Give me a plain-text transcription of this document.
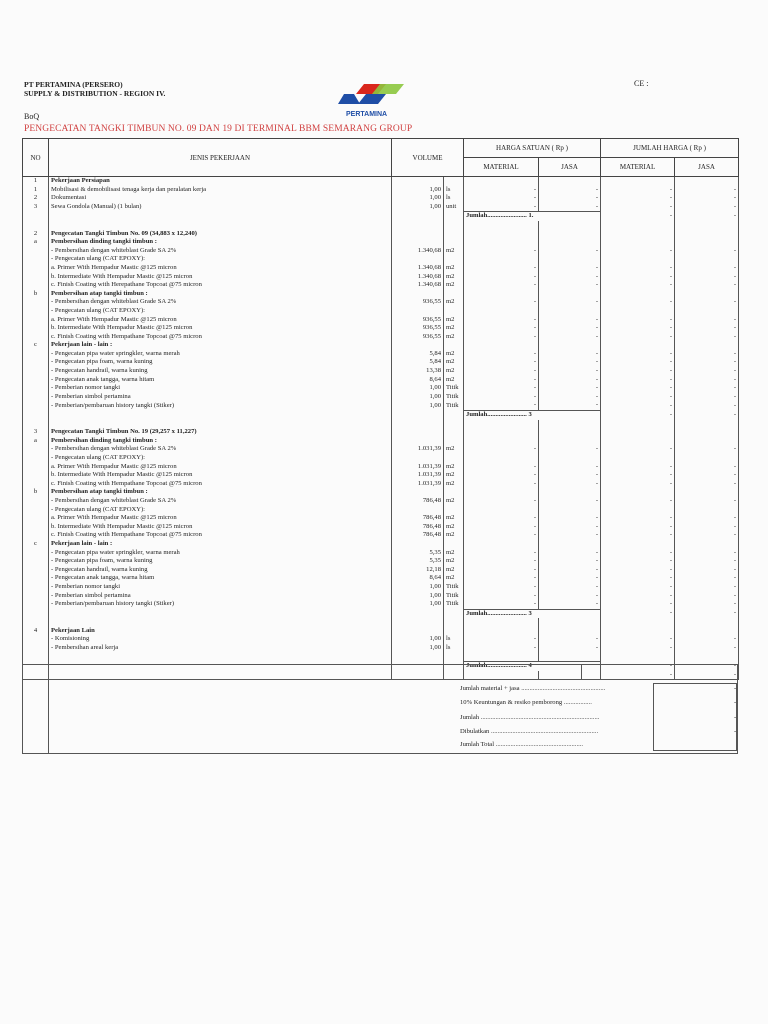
PT PERTAMINA (PERSERO)
SUPPLY & DISTRIBUTION - REGION IV.
CE :
PERTAMINA
BoQ
PENGECATAN TANGKI TIMBUN NO. 09 DAN 19 DI TERMINAL BBM SEMARANG GROUP
NO	JENIS PEKERJAAN	VOLUME		HARGA SATUAN ( Rp )		JUMLAH HARGA ( Rp )	
				MATERIAL	JASA	MATERIAL	JASA
1	Pekerjaan Persiapan						
1	Mobilisasi & demobilisasi tenaga kerja dan peralatan kerja	1,00	ls	-	-	-	-
2	Dokumentasi	1,00	ls	-	-	-	-
3	Sewa Gondola (Manual) (1 bulan)	1,00	unit	-	-	-	-
				Jumlah........................ 1.		-	-

2	Pengecatan Tangki Timbun No. 09 (34,883 x 12,240)						
a	Pembersihan dinding tangki timbun :						
	- Pembersihan dengan whiteblast Grade SA 2%	1.340,68	m2	-	-	-	-
	- Pengecatan ulang (CAT EPOXY):						
	a. Primer With Hempadur Mastic @125 micron	1.340,68	m2	-	-	-	-
	b. Intermediate With Hempadur Mastic @125 micron	1.340,68	m2	-	-	-	-
	c. Finish Coating with Herepathane Topcoat @75 micron	1.340,68	m2	-	-	-	-
b	Pembersihan atap tangki timbun :						
	- Pembersihan dengan whiteblast Grade SA 2%	936,55	m2	-	-	-	-
	- Pengecatan ulang (CAT EPOXY):						
	a. Primer With Hempadur Mastic @125 micron	936,55	m2	-	-	-	-
	b. Intermediate With Hempadur Mastic @125 micron	936,55	m2	-	-	-	-
	c. Finish Coating with Hempathane Topcoat @75 micron	936,55	m2	-	-	-	-
c	Pekerjaan lain - lain :						
	- Pengecatan pipa water springkler, warna merah	5,84	m2	-	-	-	-
	- Pengecatan pipa foam, warna kuning	5,84	m2	-	-	-	-
	- Pengecatan handrail, warna kuning	13,38	m2	-	-	-	-
	- Pengecatan anak tangga, warna hitam	8,64	m2	-	-	-	-
	- Pemberian nomor tangki	1,00	Titik	-	-	-	-
	- Pemberian simbol pertamina	1,00	Titik	-	-	-	-
	- Pemberian/pembaruan history tangki (Stiker)	1,00	Titik	-	-	-	-
				Jumlah........................ 3		-	-

3	Pengecatan Tangki Timbun No. 19 (29,257 x 11,227)						
a	Pembersihan dinding tangki timbun :						
	- Pembersihan dengan whiteblast Grade SA 2%	1.031,39	m2	-	-	-	-
	- Pengecatan ulang (CAT EPOXY):						
	a. Primer With Hempadur Mastic @125 micron	1.031,39	m2	-	-	-	-
	b. Intermediate With Hempadur Mastic @125 micron	1.031,39	m2	-	-	-	-
	c. Finish Coating with Hempathane Topcoat @75 micron	1.031,39	m2	-	-	-	-
b	Pembersihan atap tangki timbun :						
	- Pembersihan dengan whiteblast Grade SA 2%	786,48	m2	-	-	-	-
	- Pengecatan ulang (CAT EPOXY):						
	a. Primer With Hempadur Mastic @125 micron	786,48	m2	-	-	-	-
	b. Intermediate With Hempadur Mastic @125 micron	786,48	m2	-	-	-	-
	c. Finish Coating with Hempathane Topcoat @75 micron	786,48	m2	-	-	-	-
c	Pekerjaan lain - lain :						
	- Pengecatan pipa water springkler, warna merah	5,35	m2	-	-	-	-
	- Pengecatan pipa foam, warna kuning	5,35	m2	-	-	-	-
	- Pengecatan handrail, warna kuning	12,18	m2	-	-	-	-
	- Pengecatan anak tangga, warna hitam	8,64	m2	-	-	-	-
	- Pemberian nomor tangki	1,00	Titik	-	-	-	-
	- Pemberian simbol pertamina	1,00	Titik	-	-	-	-
	- Pemberian/pembaruan history tangki (Stiker)	1,00	Titik	-	-	-	-
				Jumlah........................ 3		-	-

4	Pekerjaan Lain						
	- Komisioning	1,00	ls	-	-	-	-
	- Pembersihan areal kerja	1,00	ls	-	-	-	-

				Jumlah........................ 4		-	-
						-	-
Jumlah material + jasa ...................................................	-
10% Keuntungan & resiko pemborong .................	-
Jumlah ........................................................................	-
Dibulatkan .................................................................	-
Jumlah Total .....................................................
